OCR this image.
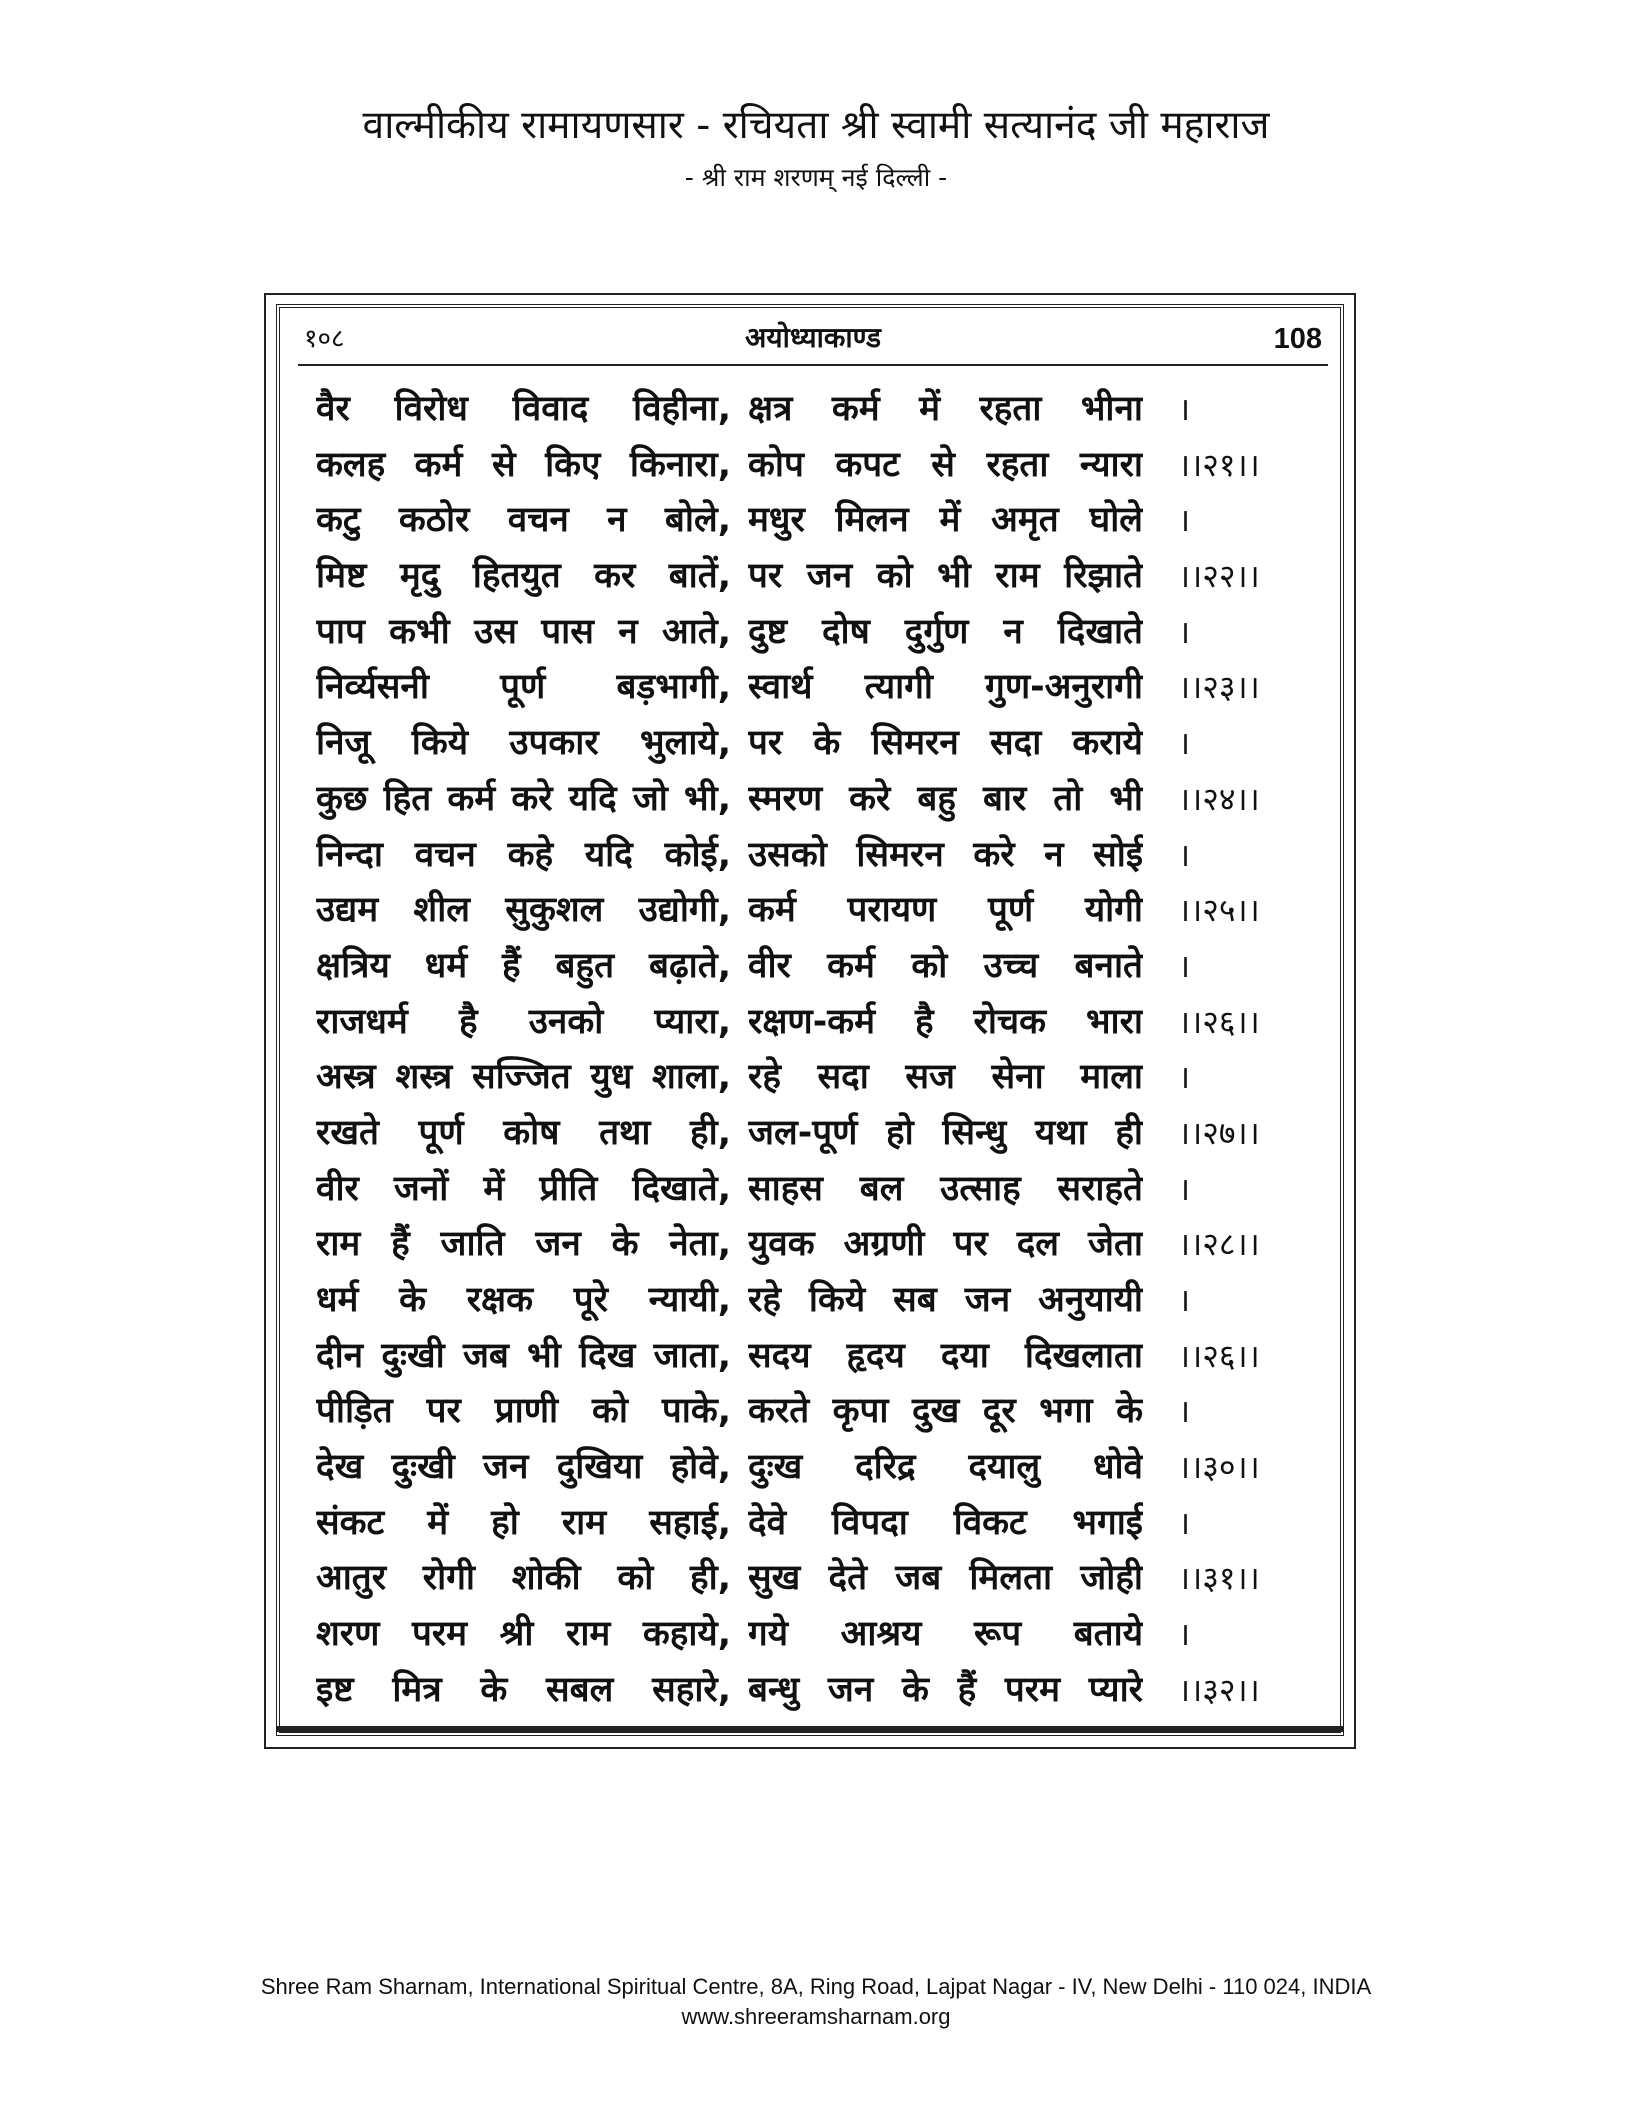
वाल्मीकीय रामायणसार - रचियता श्री स्वामी सत्यानंद जी महाराज
- श्री राम शरणम् नई दिल्ली -
१०८	अयोध्याकाण्ड	108
वैर विरोध विवाद विहीना, क्षत्र कर्म में रहता भीना ।
कलह कर्म से किए किनारा, कोप कपट से रहता न्यारा ।।२१।।
कटु कठोर वचन न बोले, मधुर मिलन में अमृत घोले ।
मिष्ट मृदु हितयुत कर बातें, पर जन को भी राम रिझाते ।।२२।।
पाप कभी उस पास न आते, दुष्ट दोष दुर्गुण न दिखाते ।
निर्व्यसनी पूर्ण बड़भागी, स्वार्थ त्यागी गुण-अनुरागी ।।२३।।
निजू किये उपकार भुलाये, पर के सिमरन सदा कराये ।
कुछ हित कर्म करे यदि जो भी, स्मरण करे बहु बार तो भी ।।२४।।
निन्दा वचन कहे यदि कोई, उसको सिमरन करे न सोई ।
उद्यम शील सुकुशल उद्योगी, कर्म परायण पूर्ण योगी ।।२५।।
क्षत्रिय धर्म हैं बहुत बढ़ाते, वीर कर्म को उच्च बनाते ।
राजधर्म है उनको प्यारा, रक्षण-कर्म है रोचक भारा ।।२६।।
अस्त्र शस्त्र सज्जित युध शाला, रहे सदा सज सेना माला ।
रखते पूर्ण कोष तथा ही, जल-पूर्ण हो सिन्धु यथा ही ।।२७।।
वीर जनों में प्रीति दिखाते, साहस बल उत्साह सराहते ।
राम हैं जाति जन के नेता, युवक अग्रणी पर दल जेता ।।२८।।
धर्म के रक्षक पूरे न्यायी, रहे किये सब जन अनुयायी ।
दीन दुःखी जब भी दिख जाता, सदय हृदय दया दिखलाता ।।२६।।
पीड़ित पर प्राणी को पाके, करते कृपा दुख दूर भगा के ।
देख दुःखी जन दुखिया होवे, दुःख दरिद्र दयालु धोवे ।।३०।।
संकट में हो राम सहाई, देवे विपदा विकट भगाई ।
आतुर रोगी शोकी को ही, सुख देते जब मिलता जोही ।।३१।।
शरण परम श्री राम कहाये, गये आश्रय रूप बताये ।
इष्ट मित्र के सबल सहारे, बन्धु जन के हैं परम प्यारे ।।३२।।
Shree Ram Sharnam, International Spiritual Centre, 8A, Ring Road, Lajpat Nagar - IV, New Delhi - 110 024, INDIA
www.shreeramsharnam.org
